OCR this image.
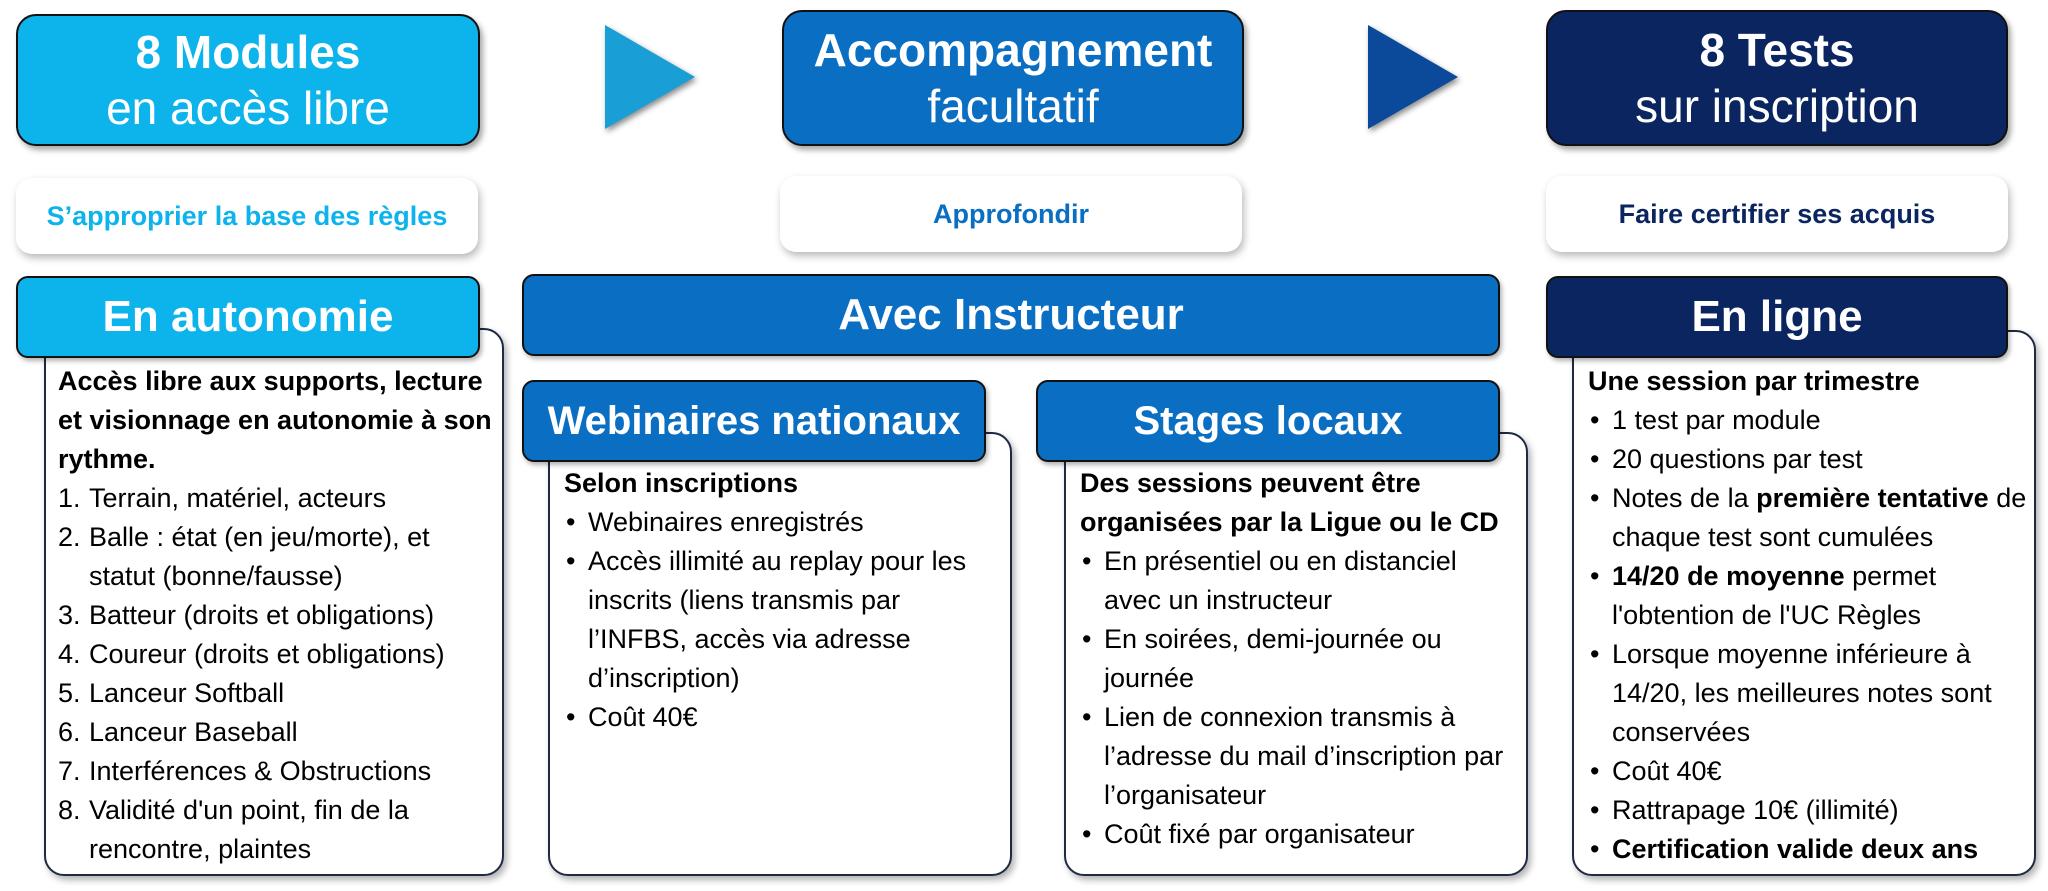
8 Modules
en accès libre
Accompagnement
facultatif
8 Tests
sur inscription
S’approprier la base des règles	Approfondir	Faire certifier ses acquis
En autonomie
Accès libre aux supports, lecture et visionnage en autonomie à son rythme.
1. Terrain, matériel, acteurs
2. Balle : état (en jeu/morte), et statut (bonne/fausse)
3. Batteur (droits et obligations)
4. Coureur (droits et obligations)
5. Lanceur Softball
6. Lanceur Baseball
7. Interférences & Obstructions
8. Validité d'un point, fin de la rencontre, plaintes
Avec Instructeur
Webinaires nationaux
Selon inscriptions
• Webinaires enregistrés
• Accès illimité au replay pour les inscrits (liens transmis par l’INFBS, accès via adresse d’inscription)
• Coût 40€
Stages locaux
Des sessions peuvent être organisées par la Ligue ou le CD
• En présentiel ou en distanciel avec un instructeur
• En soirées, demi-journée ou journée
• Lien de connexion transmis à l’adresse du mail d’inscription par l’organisateur
• Coût fixé par organisateur
En ligne
Une session par trimestre
• 1 test par module
• 20 questions par test
• Notes de la première tentative de chaque test sont cumulées
• 14/20 de moyenne permet l'obtention de l'UC Règles
• Lorsque moyenne inférieure à 14/20, les meilleures notes sont conservées
• Coût 40€
• Rattrapage 10€ (illimité)
• Certification valide deux ans
